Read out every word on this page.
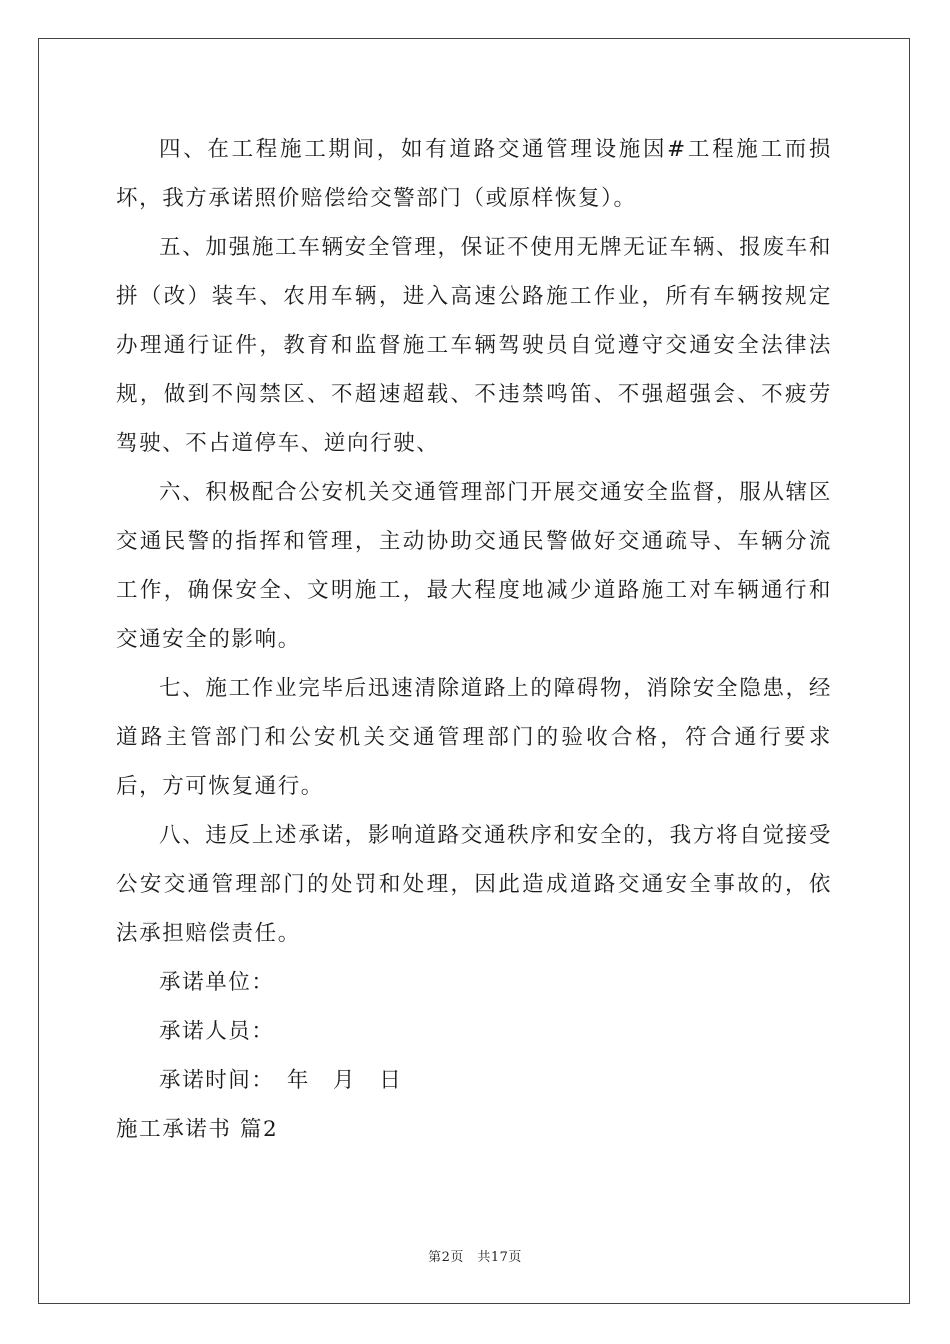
四、在工程施工期间，如有道路交通管理设施因#工程施工而损坏，我方承诺照价赔偿给交警部门（或原样恢复）。

五、加强施工车辆安全管理，保证不使用无牌无证车辆、报废车和拼（改）装车、农用车辆，进入高速公路施工作业，所有车辆按规定办理通行证件，教育和监督施工车辆驾驶员自觉遵守交通安全法律法规，做到不闯禁区、不超速超载、不违禁鸣笛、不强超强会、不疲劳驾驶、不占道停车、逆向行驶、

六、积极配合公安机关交通管理部门开展交通安全监督，服从辖区交通民警的指挥和管理，主动协助交通民警做好交通疏导、车辆分流工作，确保安全、文明施工，最大程度地减少道路施工对车辆通行和交通安全的影响。

七、施工作业完毕后迅速清除道路上的障碍物，消除安全隐患，经道路主管部门和公安机关交通管理部门的验收合格，符合通行要求后，方可恢复通行。

八、违反上述承诺，影响道路交通秩序和安全的，我方将自觉接受公安交通管理部门的处罚和处理，因此造成道路交通安全事故的，依法承担赔偿责任。

承诺单位：

承诺人员：

承诺时间：　年　月　日

施工承诺书 篇2

第2页　共17页
